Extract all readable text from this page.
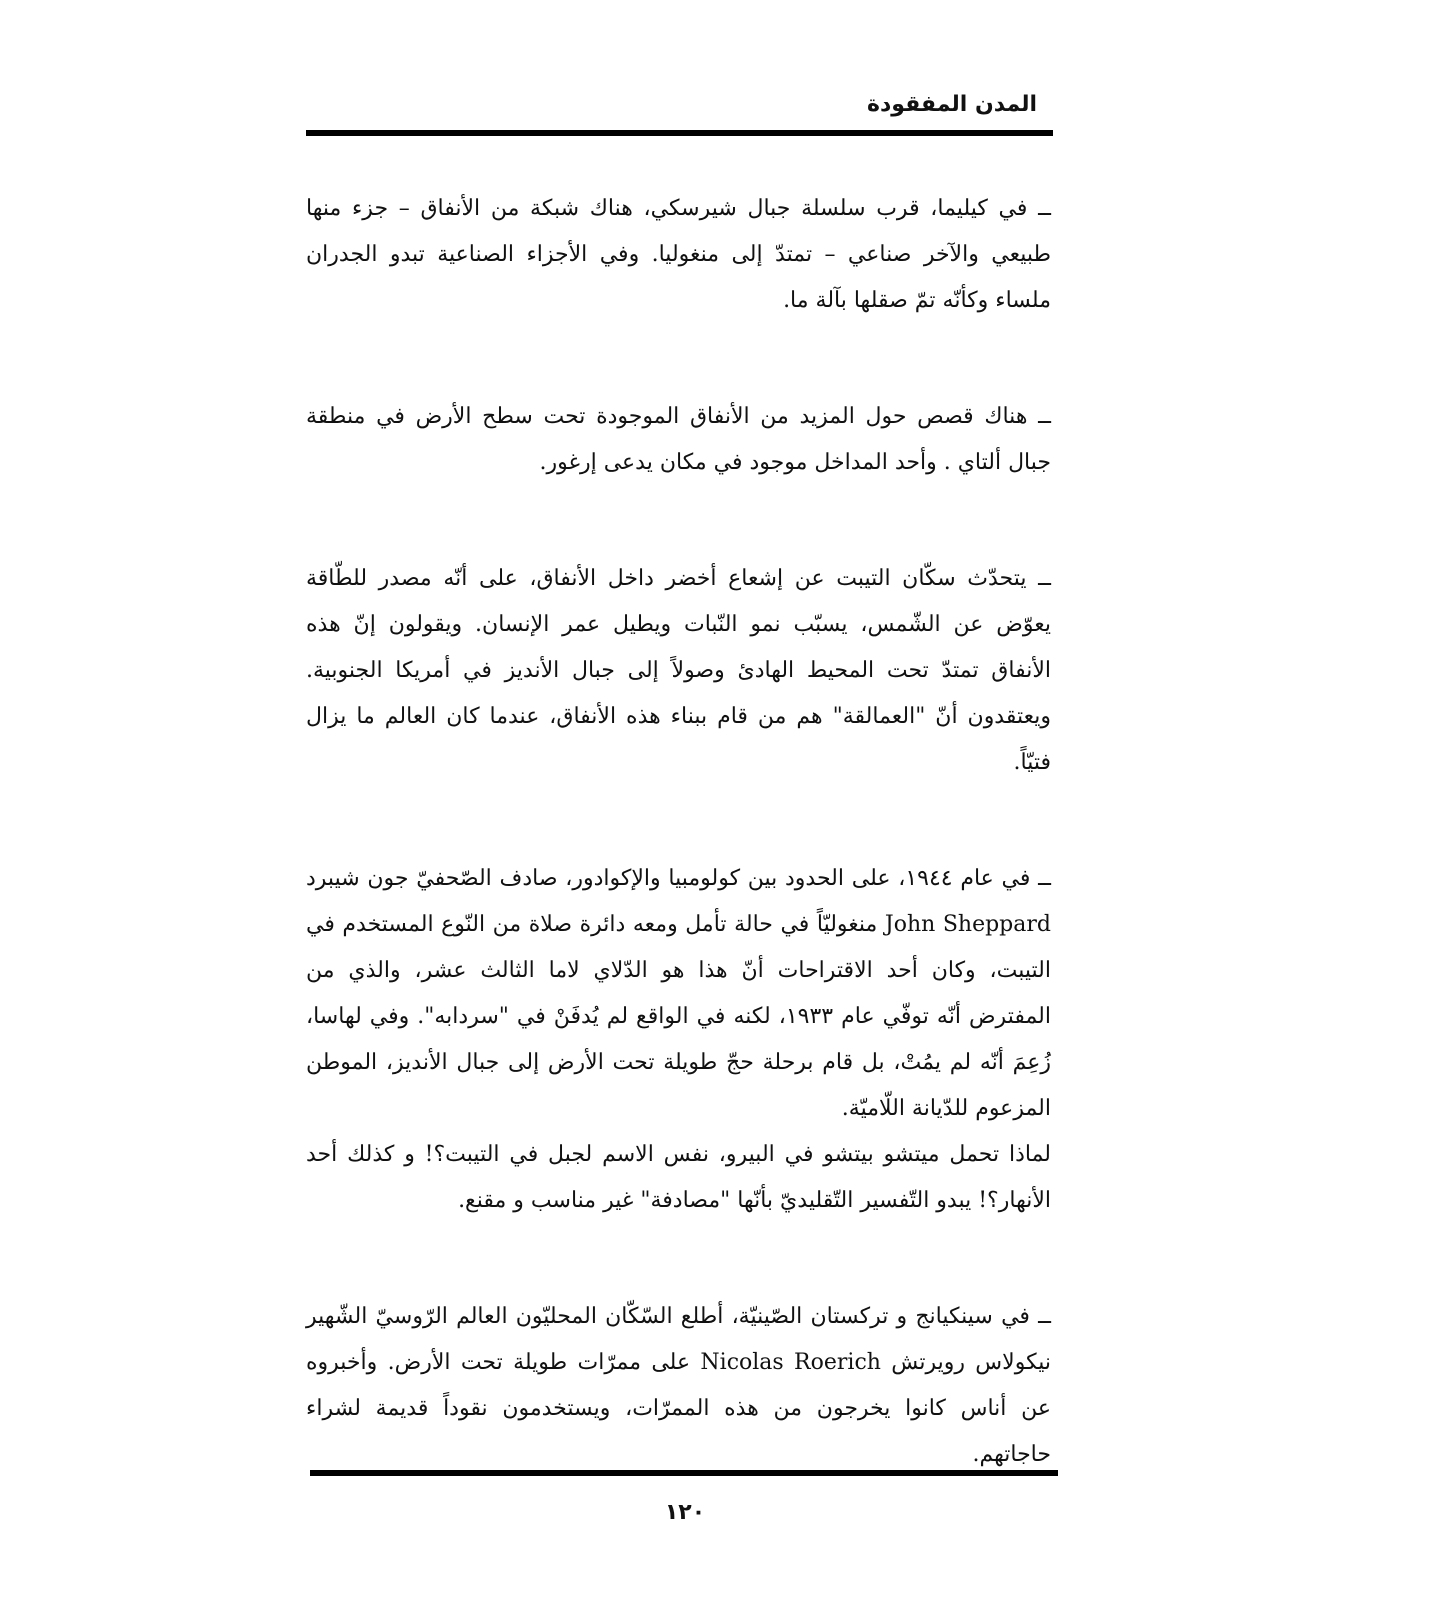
المدن المفقودة

ــ في كيليما، قرب سلسلة جبال شيرسكي، هناك شبكة من الأنفاق – جزء منها طبيعي والآخر صناعي – تمتدّ إلى منغوليا. وفي الأجزاء الصناعية تبدو الجدران ملساء وكأنّه تمّ صقلها بآلة ما.

ــ هناك قصص حول المزيد من الأنفاق الموجودة تحت سطح الأرض في منطقة جبال ألتاي . وأحد المداخل موجود في مكان يدعى إرغور.

ــ يتحدّث سكّان التيبت عن إشعاع أخضر داخل الأنفاق، على أنّه مصدر للطّاقة يعوّض عن الشّمس، يسبّب نمو النّبات ويطيل عمر الإنسان. ويقولون إنّ هذه الأنفاق تمتدّ تحت المحيط الهادئ وصولاً إلى جبال الأنديز في أمريكا الجنوبية. ويعتقدون أنّ "العمالقة" هم من قام ببناء هذه الأنفاق، عندما كان العالم ما يزال فتيّاً.

ــ في عام ١٩٤٤، على الحدود بين كولومبيا والإكوادور، صادف الصّحفيّ جون شيبرد John Sheppard منغوليّاً في حالة تأمل ومعه دائرة صلاة من النّوع المستخدم في التيبت، وكان أحد الاقتراحات أنّ هذا هو الدّلاي لاما الثالث عشر، والذي من المفترض أنّه توفّي عام ١٩٣٣، لكنه في الواقع لم يُدفَنْ في "سردابه". وفي لهاسا، زُعِمَ أنّه لم يمُتْ، بل قام برحلة حجّ طويلة تحت الأرض إلى جبال الأنديز، الموطن المزعوم للدّيانة اللّاميّة.

لماذا تحمل ميتشو بيتشو في البيرو، نفس الاسم لجبل في التيبت؟! و كذلك أحد الأنهار؟! يبدو التّفسير التّقليديّ بأنّها "مصادفة" غير مناسب و مقنع.

ــ في سينكيانج و تركستان الصّينيّة، أطلع السّكّان المحليّون العالم الرّوسيّ الشّهير نيكولاس رويرتش Nicolas Roerich على ممرّات طويلة تحت الأرض. وأخبروه عن أناس كانوا يخرجون من هذه الممرّات، ويستخدمون نقوداً قديمة لشراء حاجاتهم.

١٢٠
